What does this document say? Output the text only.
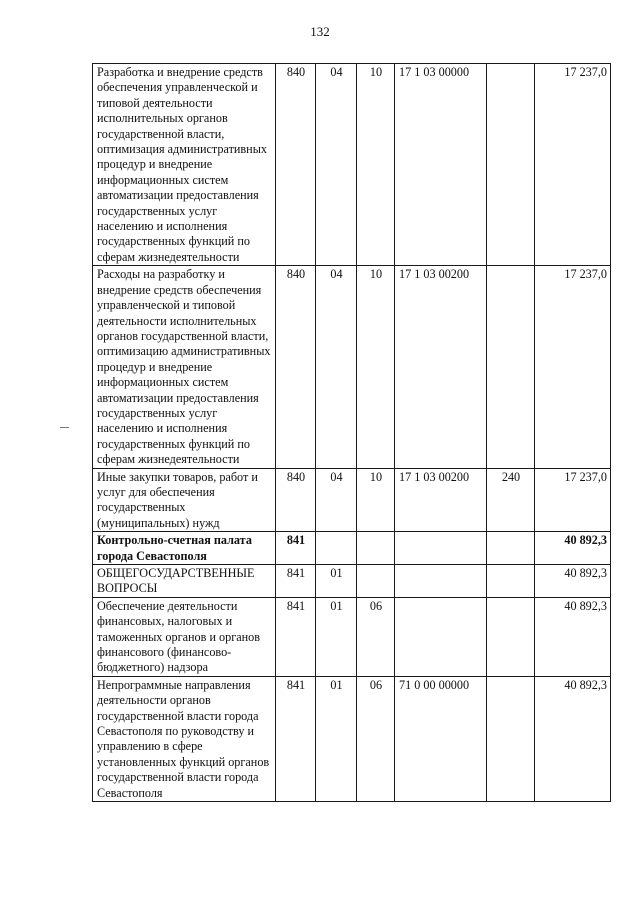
132
Разработка и внедрение средств обеспечения управленческой и типовой деятельности исполнительных органов государственной власти, оптимизация административных процедур и внедрение информационных систем автоматизации предоставления государственных услуг населению и исполнения государственных функций по сферам жизнедеятельности	840	04	10	17 1 03 00000		17 237,0
Расходы на разработку и внедрение средств обеспечения управленческой и типовой деятельности исполнительных органов государственной власти, оптимизацию административных процедур и внедрение информационных систем автоматизации предоставления государственных услуг населению и исполнения государственных функций по сферам жизнедеятельности	840	04	10	17 1 03 00200		17 237,0
Иные закупки товаров, работ и услуг для обеспечения государственных (муниципальных) нужд	840	04	10	17 1 03 00200	240	17 237,0
Контрольно-счетная палата города Севастополя	841					40 892,3
ОБЩЕГОСУДАРСТВЕННЫЕ ВОПРОСЫ	841	01				40 892,3
Обеспечение деятельности финансовых, налоговых и таможенных органов и органов финансового (финансово-бюджетного) надзора	841	01	06			40 892,3
Непрограммные направления деятельности органов государственной власти города Севастополя по руководству и управлению в сфере установленных функций органов государственной власти города Севастополя	841	01	06	71 0 00 00000		40 892,3
